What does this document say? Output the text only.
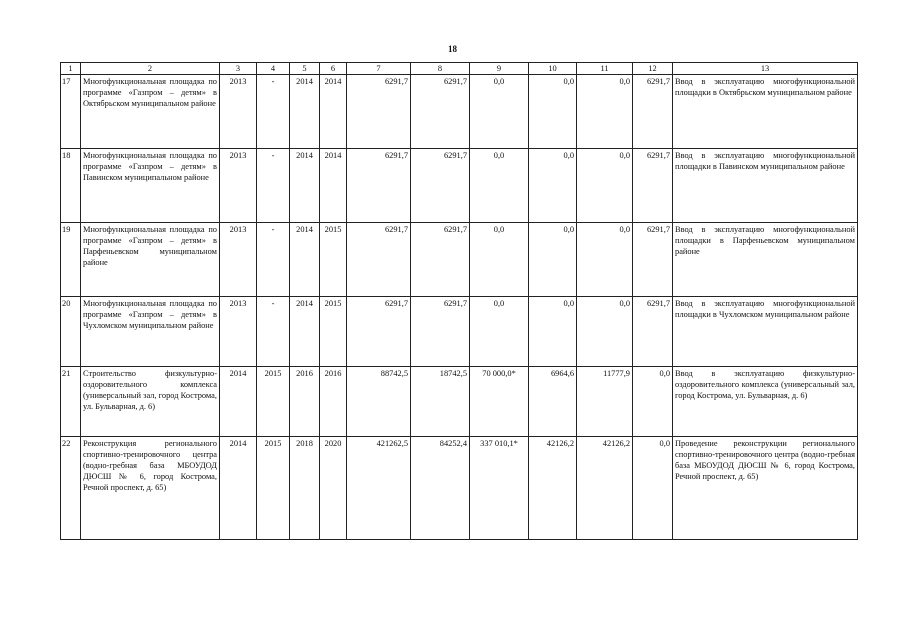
18
1	2	3	4	5	6	7	8	9	10	11	12	13
17	Многофункциональная площадка по программе «Газпром – детям» в Октябрьском муниципальном районе	2013	-	2014	2014	6291,7	6291,7	0,0	0,0	0,0	6291,7	Ввод в эксплуатацию многофункциональной площадки в Октябрьском муниципальном районе
18	Многофункциональная площадка по программе «Газпром – детям» в Павинском муниципальном районе	2013	-	2014	2014	6291,7	6291,7	0,0	0,0	0,0	6291,7	Ввод в эксплуатацию многофункциональной площадки в Павинском муниципальном районе
19	Многофункциональная площадка по программе «Газпром – детям» в Парфеньевском муниципальном районе	2013	-	2014	2015	6291,7	6291,7	0,0	0,0	0,0	6291,7	Ввод в эксплуатацию многофункциональной площадки в Парфеньевском муниципальном районе
20	Многофункциональная площадка по программе «Газпром – детям» в Чухломском муниципальном районе	2013	-	2014	2015	6291,7	6291,7	0,0	0,0	0,0	6291,7	Ввод в эксплуатацию многофункциональной площадки в Чухломском муниципальном районе
21	Строительство физкультурно-оздоровительного комплекса (универсальный зал, город Кострома, ул. Бульварная, д. 6)	2014	2015	2016	2016	88742,5	18742,5	70 000,0*	6964,6	11777,9	0,0	Ввод в эксплуатацию физкультурно-оздоровительного комплекса (универсальный зал, город Кострома, ул. Бульварная, д. 6)
22	Реконструкция регионального спортивно-тренировочного центра (водно-гребная база МБОУДОД ДЮСШ № 6, город Кострома, Речной проспект, д. 65)	2014	2015	2018	2020	421262,5	84252,4	337 010,1*	42126,2	42126,2	0,0	Проведение реконструкции регионального спортивно-тренировочного центра (водно-гребная база МБОУДОД ДЮСШ № 6, город Кострома, Речной проспект, д. 65)
